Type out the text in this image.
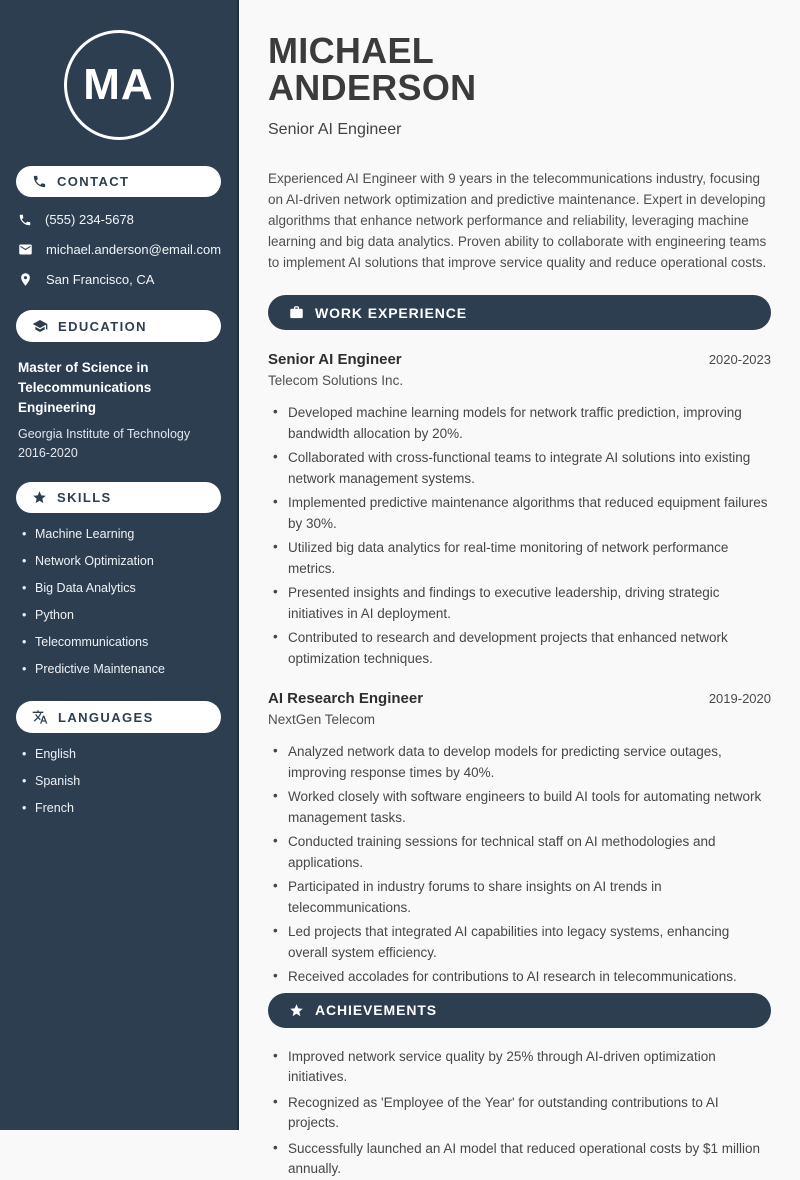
MA
CONTACT
(555) 234-5678
michael.anderson@email.com
San Francisco, CA
EDUCATION
Master of Science in Telecommunications Engineering
Georgia Institute of Technology
2016-2020
SKILLS
• Machine Learning
• Network Optimization
• Big Data Analytics
• Python
• Telecommunications
• Predictive Maintenance
LANGUAGES
• English
• Spanish
• French
MICHAEL
ANDERSON
Senior AI Engineer

Experienced AI Engineer with 9 years in the telecommunications industry, focusing on AI-driven network optimization and predictive maintenance. Expert in developing algorithms that enhance network performance and reliability, leveraging machine learning and big data analytics. Proven ability to collaborate with engineering teams to implement AI solutions that improve service quality and reduce operational costs.

WORK EXPERIENCE
Senior AI Engineer	2020-2023
Telecom Solutions Inc.
• Developed machine learning models for network traffic prediction, improving bandwidth allocation by 20%.
• Collaborated with cross-functional teams to integrate AI solutions into existing network management systems.
• Implemented predictive maintenance algorithms that reduced equipment failures by 30%.
• Utilized big data analytics for real-time monitoring of network performance metrics.
• Presented insights and findings to executive leadership, driving strategic initiatives in AI deployment.
• Contributed to research and development projects that enhanced network optimization techniques.
AI Research Engineer	2019-2020
NextGen Telecom
• Analyzed network data to develop models for predicting service outages, improving response times by 40%.
• Worked closely with software engineers to build AI tools for automating network management tasks.
• Conducted training sessions for technical staff on AI methodologies and applications.
• Participated in industry forums to share insights on AI trends in telecommunications.
• Led projects that integrated AI capabilities into legacy systems, enhancing overall system efficiency.
• Received accolades for contributions to AI research in telecommunications.
ACHIEVEMENTS
• Improved network service quality by 25% through AI-driven optimization initiatives.
• Recognized as 'Employee of the Year' for outstanding contributions to AI projects.
• Successfully launched an AI model that reduced operational costs by $1 million annually.
